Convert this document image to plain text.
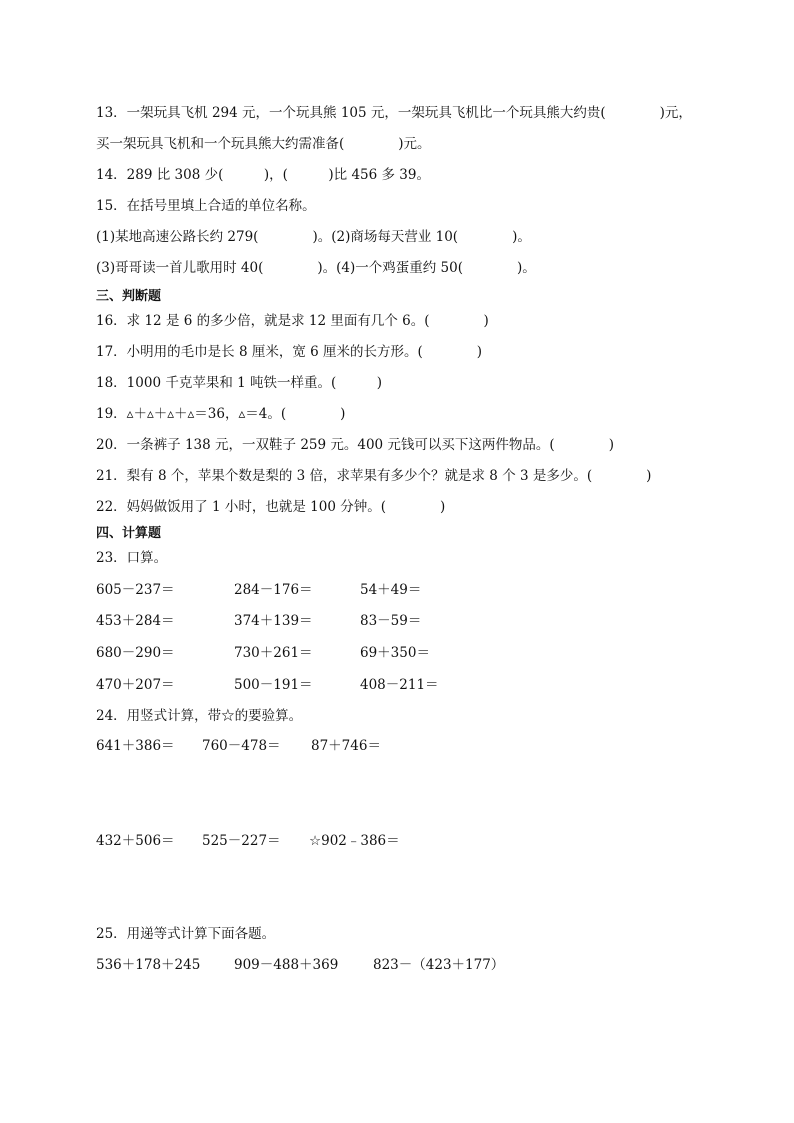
13．一架玩具飞机 294 元，一个玩具熊 105 元，一架玩具飞机比一个玩具熊大约贵(　　　　)元，
买一架玩具飞机和一个玩具熊大约需准备(　　　　)元。
14．289 比 308 少(　　　)，(　　　)比 456 多 39。
15．在括号里填上合适的单位名称。
(1)某地高速公路长约 279(　　　　)。(2)商场每天营业 10(　　　　)。
(3)哥哥读一首儿歌用时 40(　　　　)。(4)一个鸡蛋重约 50(　　　　)。
三、判断题
16．求 12 是 6 的多少倍，就是求 12 里面有几个 6。(　　　　)
17．小明用的毛巾是长 8 厘米，宽 6 厘米的长方形。(　　　　)
18．1000 千克苹果和 1 吨铁一样重。(　　　)
19．▵＋▵＋▵＋▵＝36，▵＝4。(　　　　)
20．一条裤子 138 元，一双鞋子 259 元。400 元钱可以买下这两件物品。(　　　　)
21．梨有 8 个，苹果个数是梨的 3 倍，求苹果有多少个？就是求 8 个 3 是多少。(　　　　)
22．妈妈做饭用了 1 小时，也就是 100 分钟。(　　　　)
四、计算题
23．口算。
605－237＝	284－176＝	54＋49＝
453＋284＝	374＋139＝	83－59＝
680－290＝	730＋261＝	69＋350＝
470＋207＝	500－191＝	408－211＝
24．用竖式计算，带☆的要验算。
641＋386＝ 760－478＝ 87＋746＝
432＋506＝ 525－227＝ ☆902﹣386＝
25．用递等式计算下面各题。
536＋178＋245 909－488＋369	823－（423＋177）
